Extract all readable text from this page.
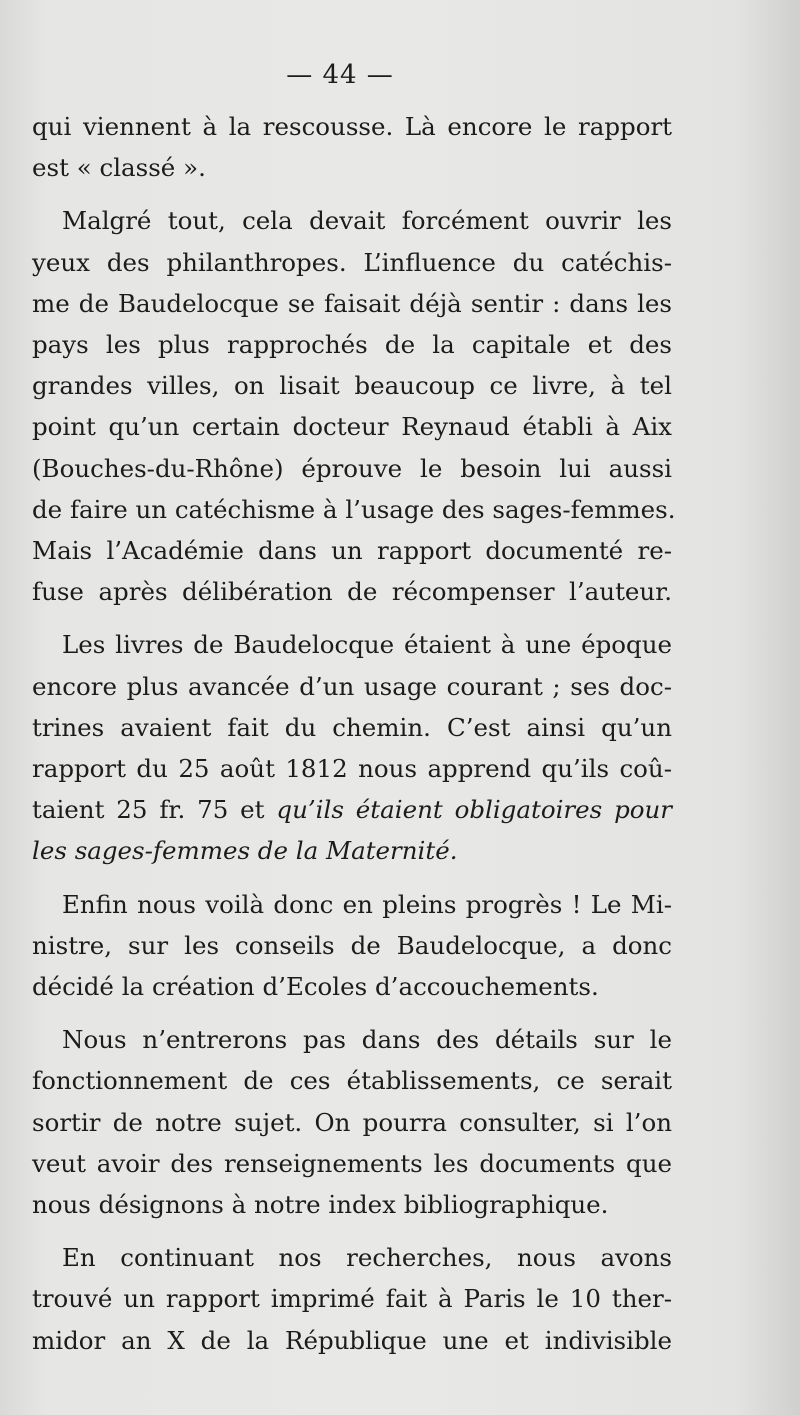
— 44 —
qui viennent à la rescousse. Là encore le rapport
est « classé ».
Malgré tout, cela devait forcément ouvrir les
yeux des philanthropes. L’influence du catéchis-
me de Baudelocque se faisait déjà sentir : dans les
pays les plus rapprochés de la capitale et des
grandes villes, on lisait beaucoup ce livre, à tel
point qu’un certain docteur Reynaud établi à Aix
(Bouches-du-Rhône) éprouve le besoin lui aussi
de faire un catéchisme à l’usage des sages-femmes.
Mais l’Académie dans un rapport documenté re-
fuse après délibération de récompenser l’auteur.
Les livres de Baudelocque étaient à une époque
encore plus avancée d’un usage courant ; ses doc-
trines avaient fait du chemin. C’est ainsi qu’un
rapport du 25 août 1812 nous apprend qu’ils coû-
taient 25 fr. 75 et qu’ils étaient obligatoires pour
les sages-femmes de la Maternité.
Enfin nous voilà donc en pleins progrès ! Le Mi-
nistre, sur les conseils de Baudelocque, a donc
décidé la création d’Ecoles d’accouchements.
Nous n’entrerons pas dans des détails sur le
fonctionnement de ces établissements, ce serait
sortir de notre sujet. On pourra consulter, si l’on
veut avoir des renseignements les documents que
nous désignons à notre index bibliographique.
En continuant nos recherches, nous avons
trouvé un rapport imprimé fait à Paris le 10 ther-
midor an X de la République une et indivisible
